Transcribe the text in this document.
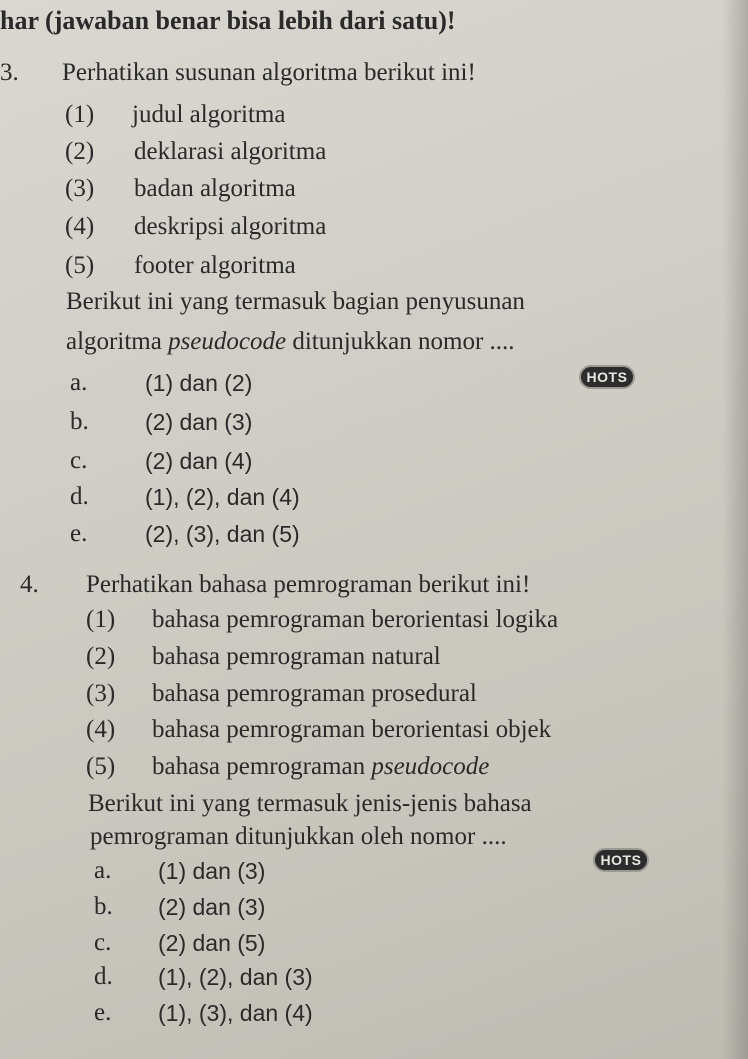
har (jawaban benar bisa lebih dari satu)!
3. Perhatikan susunan algoritma berikut ini!
(1) judul algoritma
(2) deklarasi algoritma
(3) badan algoritma
(4) deskripsi algoritma
(5) footer algoritma
Berikut ini yang termasuk bagian penyusunan
algoritma pseudocode ditunjukkan nomor ....
HOTS
a.	(1) dan (2)
b. (2) dan (3)
c.	(2) dan (4)
d. (1), (2), dan (4)
e.	(2), (3), dan (5)
4. Perhatikan bahasa pemrograman berikut ini!
(1) bahasa pemrograman berorientasi logika
(2) bahasa pemrograman natural
(3) bahasa pemrograman prosedural
(4) bahasa pemrograman berorientasi objek
(5) bahasa pemrograman pseudocode
Berikut ini yang termasuk jenis-jenis bahasa
pemrograman ditunjukkan oleh nomor ....
HOTS
a. (1) dan (3)
b. (2) dan (3)
c. (2) dan (5)
d. (1), (2), dan (3)
e. (1), (3), dan (4)
